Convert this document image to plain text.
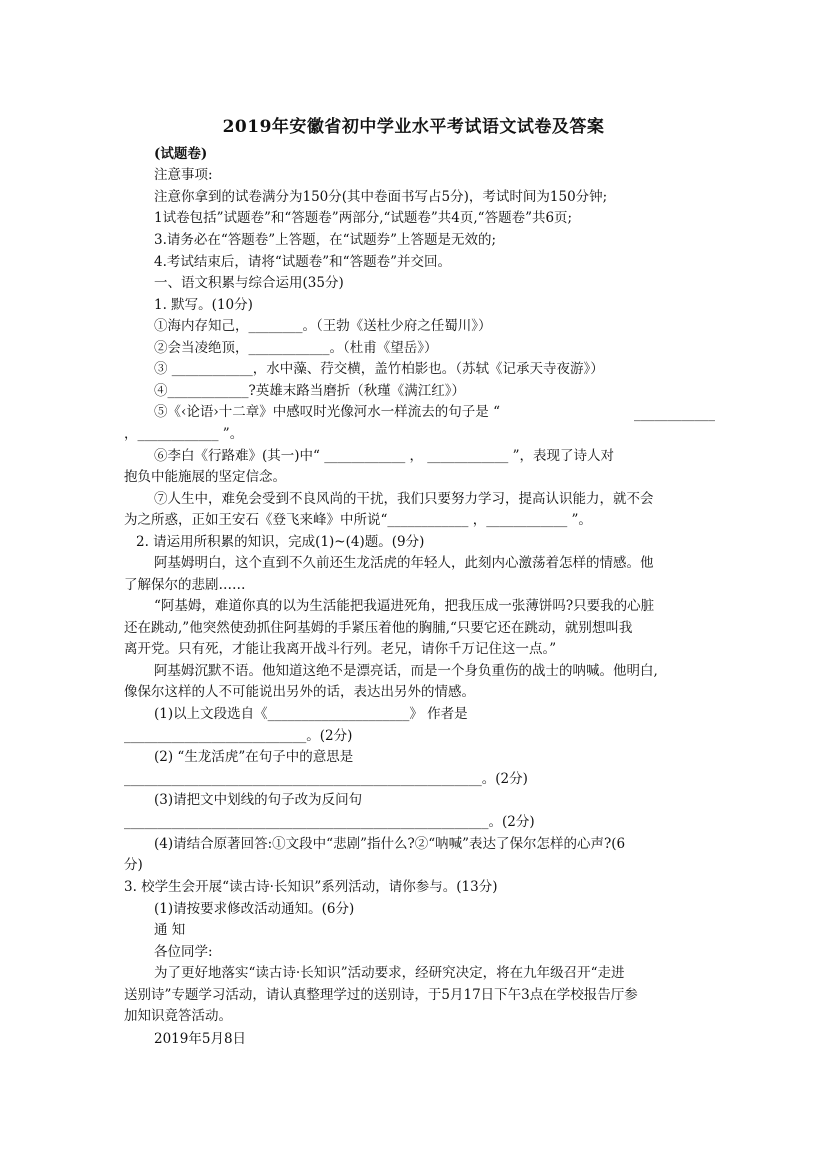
2019年安徽省初中学业水平考试语文试卷及答案
(试题卷)
注意事项:
注意你拿到的试卷满分为150分(其中卷面书写占5分)，考试时间为150分钟;
1试卷包括”试题卷”和“答题卷”两部分,“试题卷”共4页,“答题卷”共6页;
3.请务必在“答题卷”上答题，在“试题券”上答题是无效的;
4.考试结束后，请将“试题卷”和“答题卷”并交回。
一、语文积累与综合运用(35分)
1. 默写。(10分)
①海内存知己，________。（王勃《送杜少府之任蜀川》）
②会当凌绝顶，____________。（杜甫《望岳》）
③ ____________，水中藻、荇交横，盖竹柏影也。（苏轼《记承天寺夜游》）
④____________?英雄末路当磨折（秋瑾《满江红》）
⑤《‹论语›十二章》中感叹时光像河水一样流去的句子是 “	____________
，____________ ”。
⑥李白《行路难》(其一)中“ ____________ ， ____________ ”，表现了诗人对
抱负中能施展的坚定信念。
⑦人生中，难免会受到不良风尚的干扰，我们只要努力学习，提高认识能力，就不会
为之所惑，正如王安石《登飞来峰》中所说“____________ ，____________ ”。
2. 请运用所积累的知识，完成(1)~(4)题。(9分)
阿基姆明白，这个直到不久前还生龙活虎的年轻人，此刻内心激荡着怎样的情感。他
了解保尔的悲剧……
“阿基姆，难道你真的以为生活能把我逼进死角，把我压成一张薄饼吗?只要我的心脏
还在跳动,”他突然使劲抓住阿基姆的手紧压着他的胸脯,“只要它还在跳动，就别想叫我
离开党。只有死，才能让我离开战斗行列。老兄，请你千万记住这一点。”
阿基姆沉默不语。他知道这绝不是漂亮话，而是一个身负重伤的战士的呐喊。他明白,
像保尔这样的人不可能说出另外的话，表达出另外的情感。
(1)以上文段选自《_____________________》 作者是
___________________________。(2分)
(2) “生龙活虎”在句子中的意思是
_____________________________________________________。(2分)
(3)请把文中划线的句子改为反问句
______________________________________________________。(2分)
(4)请结合原著回答:①文段中“悲剧”指什么?②“呐喊”表达了保尔怎样的心声?(6
分)
3. 校学生会开展“读古诗·长知识”系列活动，请你参与。(13分)
(1)请按要求修改活动通知。(6分)
通 知
各位同学:
为了更好地落实“读古诗·长知识”活动要求，经研究决定，将在九年级召开“走进
送别诗”专题学习活动，请认真整理学过的送别诗，于5月17日下午3点在学校报告厅参
加知识竟答活动。
2019年5月8日
